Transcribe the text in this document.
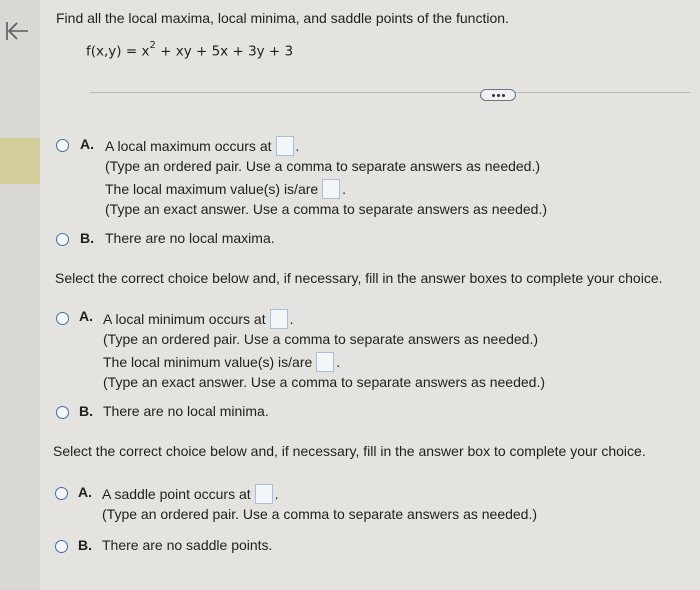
Find all the local maxima, local minima, and saddle points of the function.
$f(x,y) = x^2$ + xy + 5x + 3y + 3
A. A local maximum occurs at .
(Type an ordered pair. Use a comma to separate answers as needed.)
The local maximum value(s) is/are .
(Type an exact answer. Use a comma to separate answers as needed.)
B. There are no local maxima.
Select the correct choice below and, if necessary, fill in the answer boxes to complete your choice.
A. A local minimum occurs at .
(Type an ordered pair. Use a comma to separate answers as needed.)
The local minimum value(s) is/are .
(Type an exact answer. Use a comma to separate answers as needed.)
B. There are no local minima.
Select the correct choice below and, if necessary, fill in the answer box to complete your choice.
A. A saddle point occurs at .
(Type an ordered pair. Use a comma to separate answers as needed.)
B. There are no saddle points.
